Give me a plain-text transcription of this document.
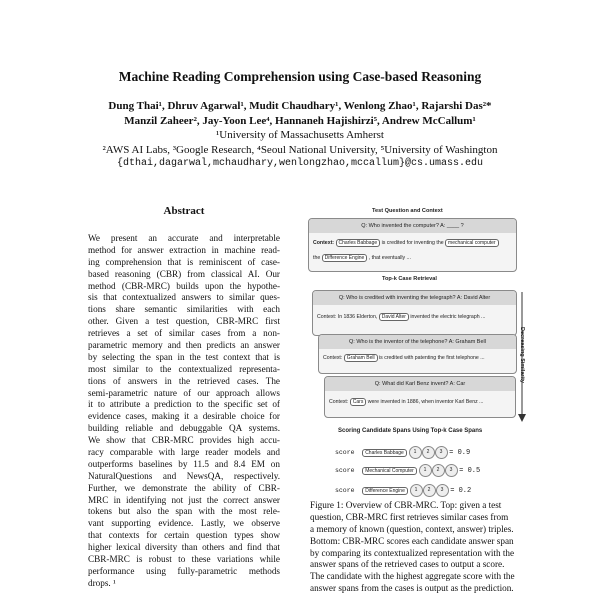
Machine Reading Comprehension using Case-based Reasoning
Dung Thai¹, Dhruv Agarwal¹, Mudit Chaudhary¹, Wenlong Zhao¹, Rajarshi Das²*
Manzil Zaheer², Jay-Yoon Lee⁴, Hannaneh Hajishirzi⁵, Andrew McCallum¹
¹University of Massachusetts Amherst
²AWS AI Labs, ³Google Research, ⁴Seoul National University, ⁵University of Washington
{dthai,dagarwal,mchaudhary,wenlongzhao,mccallum}@cs.umass.edu
Abstract
We present an accurate and interpretable
method for answer extraction in machine read-
ing comprehension that is reminiscent of case-
based reasoning (CBR) from classical AI. Our
method (CBR-MRC) builds upon the hypothe-
sis that contextualized answers to similar ques-
tions share semantic similarities with each
other. Given a test question, CBR-MRC first
retrieves a set of similar cases from a non-
parametric memory and then predicts an answer
by selecting the span in the test context that is
most similar to the contextualized representa-
tions of answers in the retrieved cases. The
semi-parametric nature of our approach allows
it to attribute a prediction to the specific set of
evidence cases, making it a desirable choice for
building reliable and debuggable QA systems.
We show that CBR-MRC provides high accu-
racy comparable with large reader models and
outperforms baselines by 11.5 and 8.4 EM on
NaturalQuestions and NewsQA, respectively.
Further, we demonstrate the ability of CBR-
MRC in identifying not just the correct answer
tokens but also the span with the most rele-
vant supporting evidence. Lastly, we observe
that contexts for certain question types show
higher lexical diversity than others and find that
CBR-MRC is robust to these variations while
performance using fully-parametric methods
drops. ¹
Test Question and Context
Q: Who invented the computer? A: ____ ?
Context: Charles Babbage is credited for inventing the mechanical computer
the Difference Engine , that eventually ...
Top-k Case Retrieval
Q: Who is credited with inventing the telegraph? A: David Alter
Context: In 1836 Elderton, David Alter invented the electric telegraph ...
Q: Who is the inventor of the telephone? A: Graham Bell
Context: Graham Bell is credited with patenting the first telephone ...
Q: What did Karl Benz invent? A: Car
Context: Cars were invented in 1886, when inventor Karl Benz ...
Decreasing Similarity
Scoring Candidate Spans Using Top-k Case Spans
score Charles Babbage 1 2 3 = 0.9
score Mechanical Computer 1 2 3 = 0.5
score Difference Engine 1 2 3 = 0.2
Figure 1: Overview of CBR-MRC. Top: given a test
question, CBR-MRC first retrieves similar cases from
a memory of known (question, context, answer) triples.
Bottom: CBR-MRC scores each candidate answer span
by comparing its contextualized representation with the
answer spans of the retrieved cases to output a score.
The candidate with the highest aggregate score with the
answer spans from the cases is output as the prediction.
